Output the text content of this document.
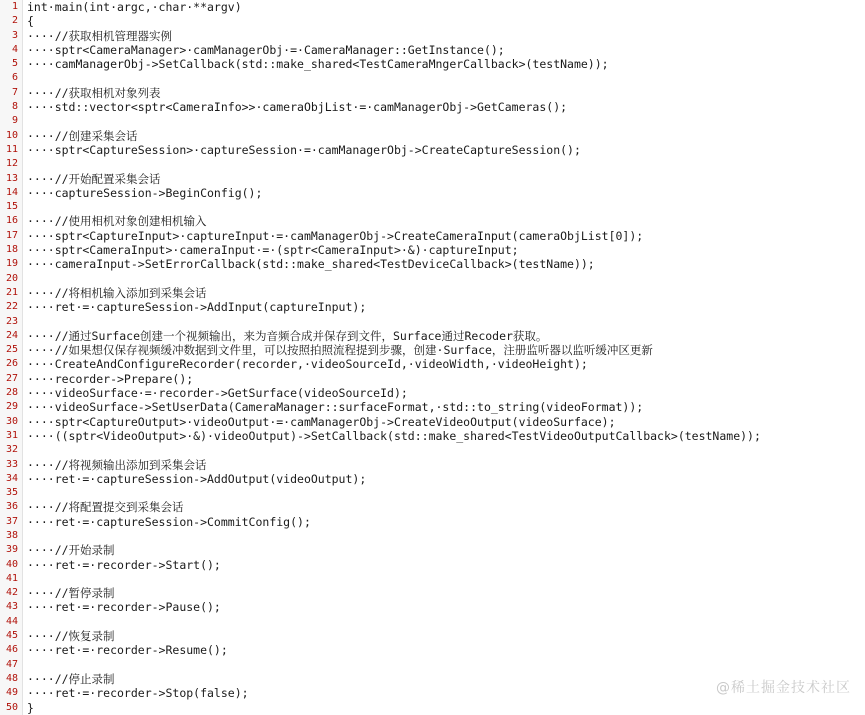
1 int·main(int·argc,·char·**argv)
2 {
3 ····//获取相机管理器实例
4 ····sptr<CameraManager>·camManagerObj·=·CameraManager::GetInstance();
5 ····camManagerObj->SetCallback(std::make_shared<TestCameraMngerCallback>(testName));
6
7 ····//获取相机对象列表
8 ····std::vector<sptr<CameraInfo>>·cameraObjList·=·camManagerObj->GetCameras();
9
10 ····//创建采集会话
11 ····sptr<CaptureSession>·captureSession·=·camManagerObj->CreateCaptureSession();
12
13 ····//开始配置采集会话
14 ····captureSession->BeginConfig();
15
16 ····//使用相机对象创建相机输入
17 ····sptr<CaptureInput>·captureInput·=·camManagerObj->CreateCameraInput(cameraObjList[0]);
18 ····sptr<CameraInput>·cameraInput·=·(sptr<CameraInput>·&)·captureInput;
19 ····cameraInput->SetErrorCallback(std::make_shared<TestDeviceCallback>(testName));
20
21 ····//将相机输入添加到采集会话
22 ····ret·=·captureSession->AddInput(captureInput);
23
24 ····//通过Surface创建一个视频输出，来为音频合成并保存到文件，Surface通过Recoder获取。
25 ····//如果想仅保存视频缓冲数据到文件里，可以按照拍照流程提到步骤，创建·Surface，注册监听器以监听缓冲区更新
26 ····CreateAndConfigureRecorder(recorder,·videoSourceId,·videoWidth,·videoHeight);
27 ····recorder->Prepare();
28 ····videoSurface·=·recorder->GetSurface(videoSourceId);
29 ····videoSurface->SetUserData(CameraManager::surfaceFormat,·std::to_string(videoFormat));
30 ····sptr<CaptureOutput>·videoOutput·=·camManagerObj->CreateVideoOutput(videoSurface);
31 ····((sptr<VideoOutput>·&)·videoOutput)->SetCallback(std::make_shared<TestVideoOutputCallback>(testName));
32
33 ····//将视频输出添加到采集会话
34 ····ret·=·captureSession->AddOutput(videoOutput);
35
36 ····//将配置提交到采集会话
37 ····ret·=·captureSession->CommitConfig();
38
39 ····//开始录制
40 ····ret·=·recorder->Start();
41
42 ····//暂停录制
43 ····ret·=·recorder->Pause();
44
45 ····//恢复录制
46 ····ret·=·recorder->Resume();
47
48 ····//停止录制
49 ····ret·=·recorder->Stop(false);
50 }
@稀土掘金技术社区
